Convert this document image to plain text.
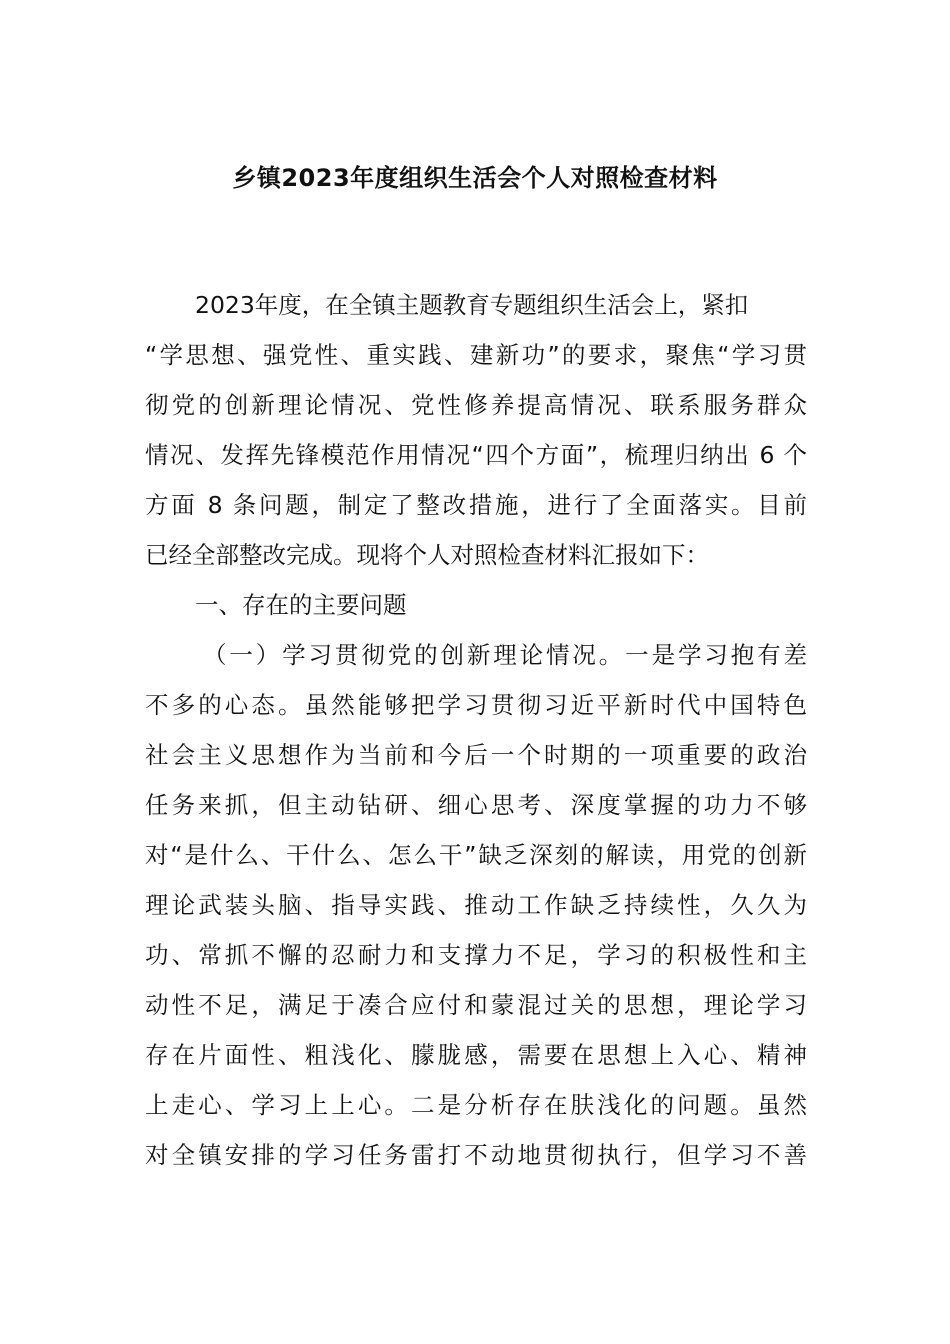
乡镇2023年度组织生活会个人对照检查材料
2023年度，在全镇主题教育专题组织生活会上，紧扣
“学思想、强党性、重实践、建新功”的要求，聚焦“学习贯
彻党的创新理论情况、党性修养提高情况、联系服务群众
情况、发挥先锋模范作用情况“四个方面”，梳理归纳出 6 个
方面 8 条问题，制定了整改措施，进行了全面落实。目前
已经全部整改完成。现将个人对照检查材料汇报如下：
一、存在的主要问题
（一）学习贯彻党的创新理论情况。一是学习抱有差
不多的心态。虽然能够把学习贯彻习近平新时代中国特色
社会主义思想作为当前和今后一个时期的一项重要的政治
任务来抓，但主动钻研、细心思考、深度掌握的功力不够
对“是什么、干什么、怎么干”缺乏深刻的解读，用党的创新
理论武装头脑、指导实践、推动工作缺乏持续性，久久为
功、常抓不懈的忍耐力和支撑力不足，学习的积极性和主
动性不足，满足于凑合应付和蒙混过关的思想，理论学习
存在片面性、粗浅化、朦胧感，需要在思想上入心、精神
上走心、学习上上心。二是分析存在肤浅化的问题。虽然
对全镇安排的学习任务雷打不动地贯彻执行，但学习不善
